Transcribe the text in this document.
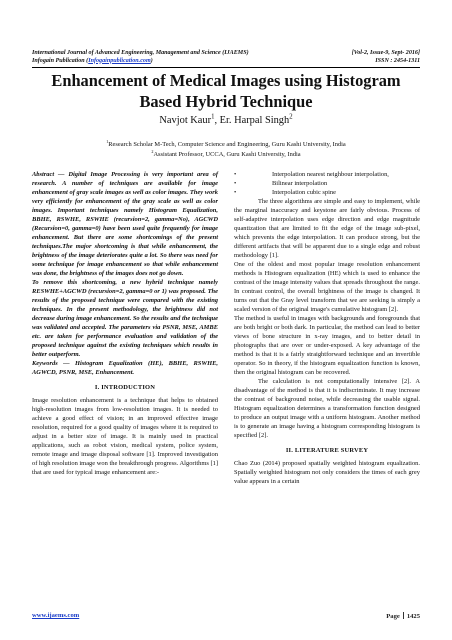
International Journal of Advanced Engineering, Management and Science (IJAEMS)	[Vol-2, Issue-9, Sept- 2016]
Infogain Publication (Infogainpublication.com)	ISSN : 2454-1311
Enhancement of Medical Images using Histogram
Based Hybrid Technique
Navjot Kaur$^1$, Er. Harpal Singh$^2$
$^1$Research Scholar M-Tech, Computer Science and Engineering, Guru Kashi University, India
$^2$Assistant Professor, UCCA, Guru Kashi University, India

Abstract — Digital Image Processing is very important area of research. A number of techniques are available for image enhancement of gray scale images as well as color images. They work very efficiently for enhancement of the gray scale as well as color images. Important techniques namely Histogram Equalization, BBHE, RSWHE, RSWHE (recursion=2, gamma=No), AGCWD (Recursion=0, gamma=0) have been used quite frequently for image enhancement. But there are some shortcomings of the present techniques.The major shortcoming is that while enhancement, the brightness of the image deteriorates quite a lot. So there was need for some technique for image enhancement so that while enhancement was done, the brightness of the images does not go down.

To remove this shortcoming, a new hybrid technique namely RESWHE+AGCWD (recursion=2, gamma=0 or 1) was proposed. The results of the proposed technique were compared with the existing techniques. In the present methodology, the brightness did not decrease during image enhancement. So the results and the technique was validated and accepted. The parameters via PSNR, MSE, AMBE etc. are taken for performance evaluation and validation of the proposed technique against the existing techniques which results in better outperform.

Keywords — Histogram Equalization (HE), BBHE, RSWHE, AGWCD, PSNR, MSE, Enhancement.

I. INTRODUCTION

Image resolution enhancement is a technique that helps to obtained high-resolution images from low-resolution images. It is needed to achieve a good effect of vision; in an improved effective image resolution, required for a good quality of images where it is required to adjust in a better size of image. It is mainly used in practical applications, such as robot vision, medical system, police system, remote image and image disposal software [1]. Improved investigation of high resolution image won the breakthrough progress. Algorithms [1] that are used for typical image enhancement are:-

•	Interpolation nearest neighbour interpolation,
•	Bilinear interpolation
•	Interpolation cubic spine

The three algorithms are simple and easy to implement, while the marginal inaccuracy and keystone are fairly obvious. Process of self-adaptive interpolation uses edge direction and edge magnitude quantization that are limited to fit the edge of the image sub-pixel, which prevents the edge interpolation. It can produce strong, but the different artifacts that will be apparent due to a single edge and robust methodology [1].

One of the oldest and most popular image resolution enhancement methods is Histogram equalization (HE) which is used to enhance the contrast of the image intensity values that spreads throughout the range. In contrast control, the overall brightness of the image is changed. It turns out that the Gray level transform that we are seeking is simply a scaled version of the original image's cumulative histogram [2].

The method is useful in images with backgrounds and foregrounds that are both bright or both dark. In particular, the method can lead to better views of bone structure in x-ray images, and to better detail in photographs that are over or under-exposed. A key advantage of the method is that it is a fairly straightforward technique and an invertible operator. So in theory, if the histogram equalization function is known, then the original histogram can be recovered.

The calculation is not computationally intensive [2]. A disadvantage of the method is that it is indiscriminate. It may increase the contrast of background noise, while decreasing the usable signal. Histogram equalization determines a transformation function designed to produce an output image with a uniform histogram. Another method is to generate an image having a histogram corresponding histogram is specified [2].

II. LITERATURE SURVEY

Chao Zuo (2014) proposed spatially weighted histogram equalization. Spatially weighted histogram not only considers the times of each grey value appears in a certain

www.ijaems.com	Page 1425
